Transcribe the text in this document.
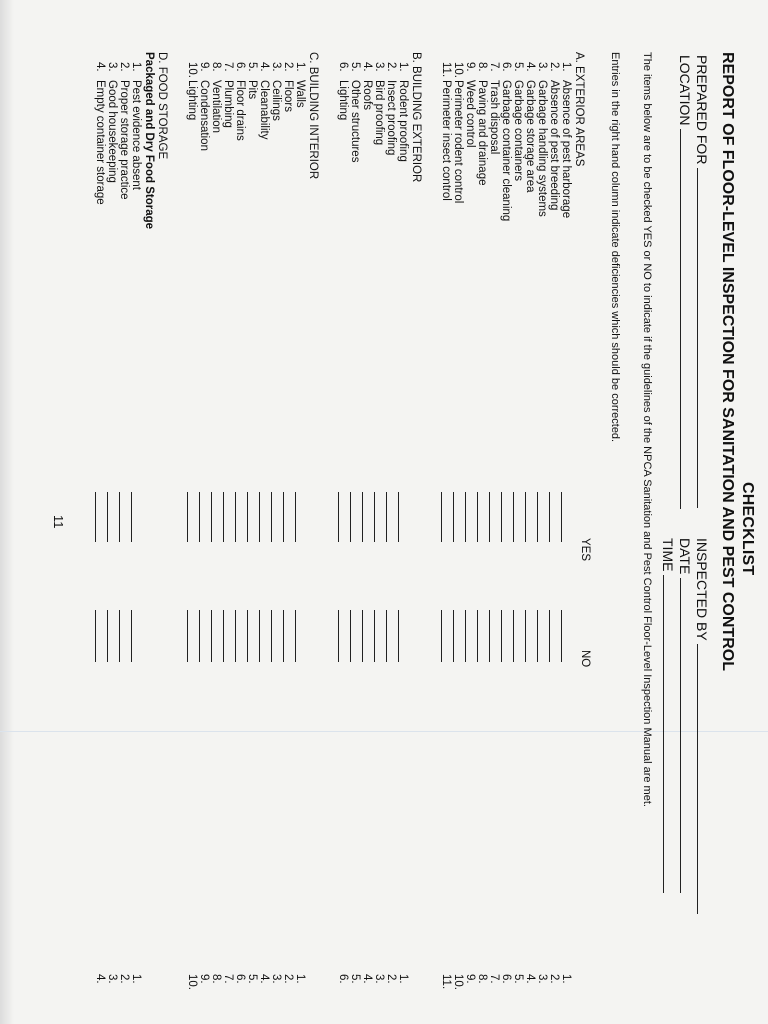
CHECKLIST
REPORT OF FLOOR-LEVEL INSPECTION FOR SANITATION AND PEST CONTROL
PREPARED FOR
LOCATION
INSPECTED BY
DATE
TIME
The items below are to be checked YES or NO to indicate if the guidelines of the NPCA Sanitation and Pest Control Floor-Level Inspection Manual are met.
Entries in the right hand column indicate deficiencies which should be corrected.
YES
NO
A. EXTERIOR AREAS
1.
Absence of pest harborage
1.
2.
Absence of pest breeding
2.
3.
Garbage handling systems
3.
4.
Garbage storage area
4.
5.
Garbage containers
5.
6.
Garbage container cleaning
6.
7.
Trash disposal
7.
8.
Paving and drainage
8.
9.
Weed control
9.
10.
Perimeter rodent control
10.
11.
Perimeter insect control
11.
B. BUILDING EXTERIOR
1.
Rodent proofing
1.
2.
Insect proofing
2.
3.
Bird proofing
3.
4.
Roofs
4.
5.
Other structures
5.
6.
Lighting
6.
C. BUILDING INTERIOR
1.
Walls
1.
2.
Floors
2.
3.
Ceilings
3.
4.
Cleanability
4.
5.
Pits
5.
6.
Floor drains
6.
7.
Plumbing
7.
8.
Ventilation
8.
9.
Condensation
9.
10.
Lighting
10.
D. FOOD STORAGE
Packaged and Dry Food Storage
1.
Pest evidence absent
1.
2.
Proper storage practice
2.
3.
Good housekeeping
3.
4.
Empty container storage
4.
11
